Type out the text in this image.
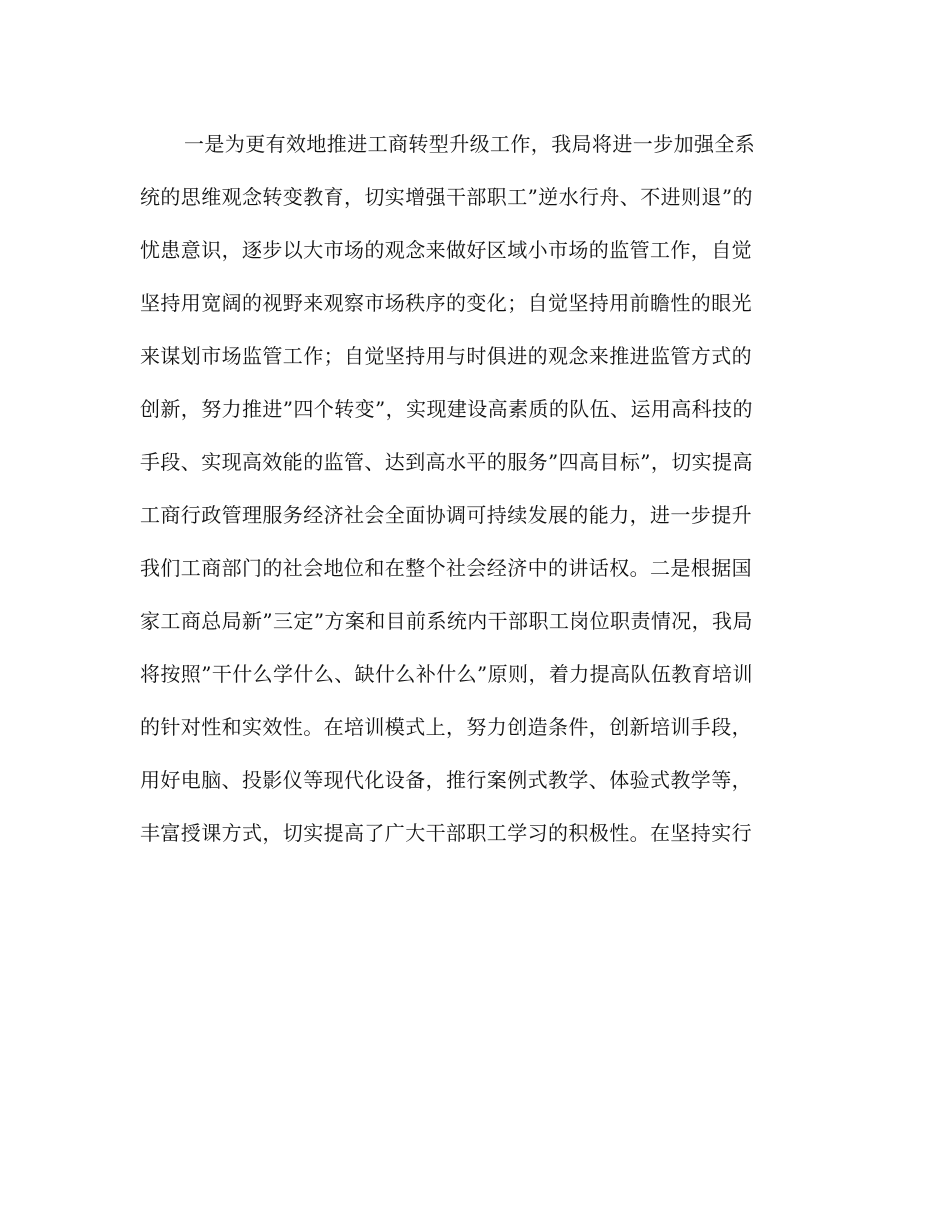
一是为更有效地推进工商转型升级工作，我局将进一步加强全系
统的思维观念转变教育，切实增强干部职工”逆水行舟、不进则退”的
忧患意识，逐步以大市场的观念来做好区域小市场的监管工作，自觉
坚持用宽阔的视野来观察市场秩序的变化；自觉坚持用前瞻性的眼光
来谋划市场监管工作；自觉坚持用与时俱进的观念来推进监管方式的
创新，努力推进”四个转变”，实现建设高素质的队伍、运用高科技的
手段、实现高效能的监管、达到高水平的服务”四高目标”，切实提高
工商行政管理服务经济社会全面协调可持续发展的能力，进一步提升
我们工商部门的社会地位和在整个社会经济中的讲话权。二是根据国
家工商总局新”三定”方案和目前系统内干部职工岗位职责情况，我局
将按照”干什么学什么、缺什么补什么”原则，着力提高队伍教育培训
的针对性和实效性。在培训模式上，努力创造条件，创新培训手段，
用好电脑、投影仪等现代化设备，推行案例式教学、体验式教学等，
丰富授课方式，切实提高了广大干部职工学习的积极性。在坚持实行
